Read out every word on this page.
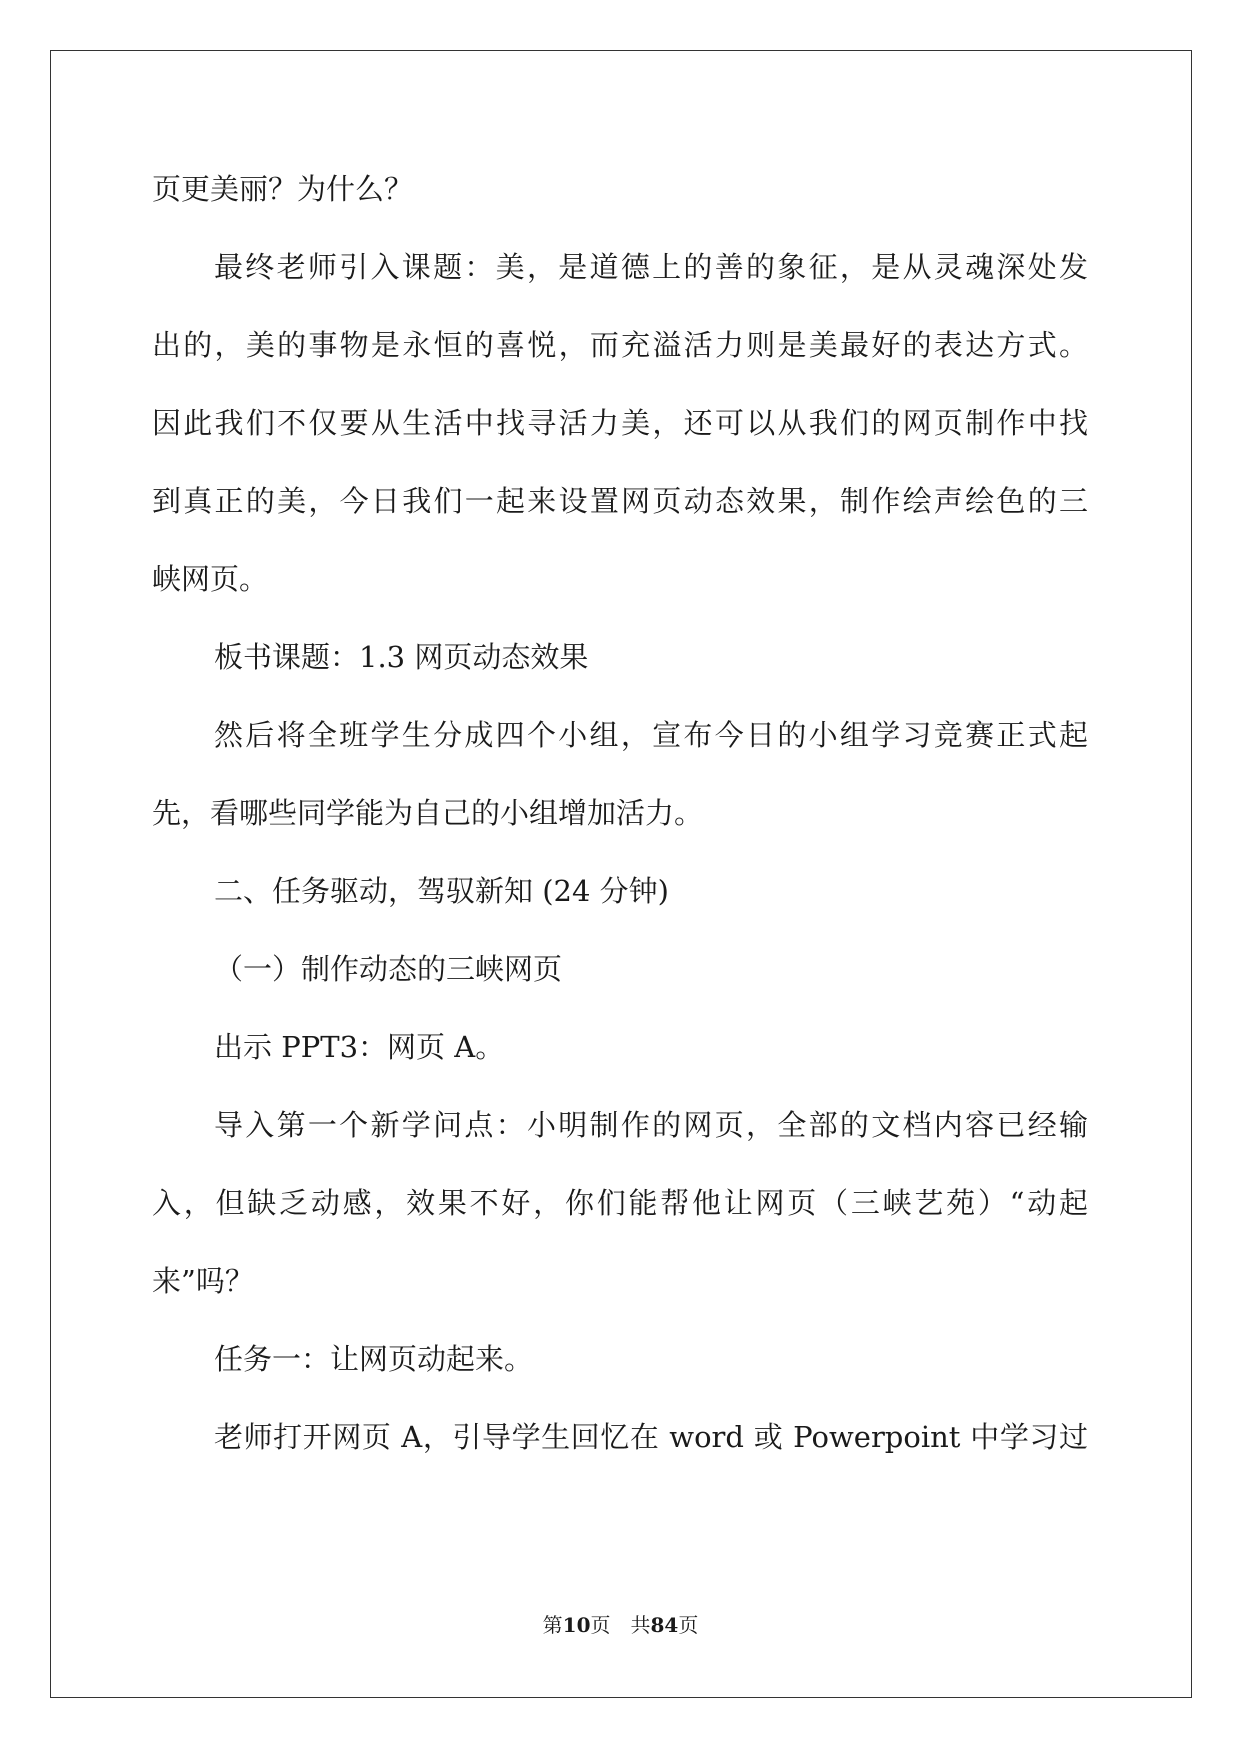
页更美丽？为什么？
最终老师引入课题：美，是道德上的善的象征，是从灵魂深处发
出的，美的事物是永恒的喜悦，而充溢活力则是美最好的表达方式。
因此我们不仅要从生活中找寻活力美，还可以从我们的网页制作中找
到真正的美，今日我们一起来设置网页动态效果，制作绘声绘色的三
峡网页。
板书课题：1.3 网页动态效果
然后将全班学生分成四个小组，宣布今日的小组学习竞赛正式起
先，看哪些同学能为自己的小组增加活力。
二、任务驱动，驾驭新知 (24 分钟)
（一）制作动态的三峡网页
出示 PPT3：网页 A。
导入第一个新学问点：小明制作的网页，全部的文档内容已经输
入，但缺乏动感，效果不好，你们能帮他让网页（三峡艺苑）“动起
来”吗？
任务一：让网页动起来。
老师打开网页 A，引导学生回忆在 word 或 Powerpoint 中学习过
第10页 共84页
